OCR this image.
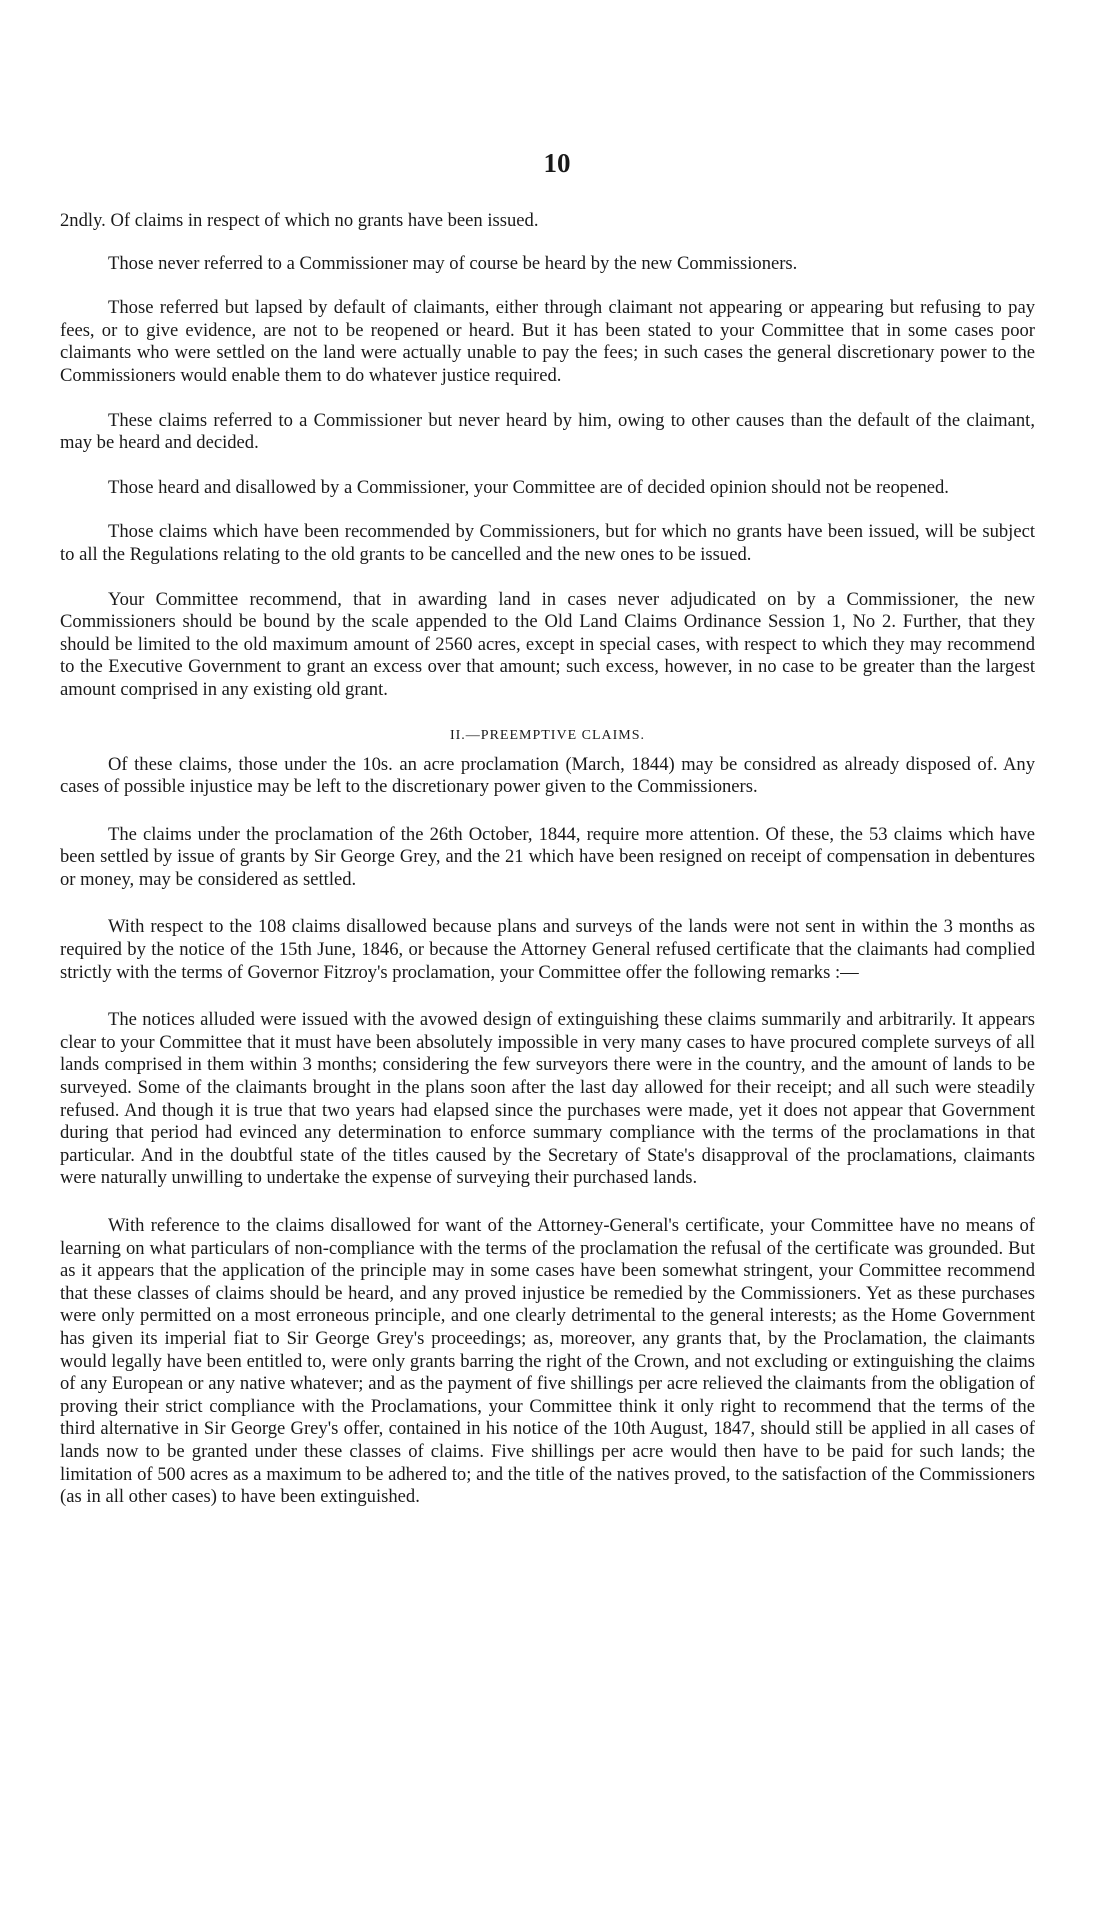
10

2ndly. Of claims in respect of which no grants have been issued.

Those never referred to a Commissioner may of course be heard by the new Commissioners.

Those referred but lapsed by default of claimants, either through claimant not appearing or appearing but refusing to pay fees, or to give evidence, are not to be reopened or heard. But it has been stated to your Committee that in some cases poor claimants who were settled on the land were actually unable to pay the fees; in such cases the general discretionary power to the Commissioners would enable them to do whatever justice required.

These claims referred to a Commissioner but never heard by him, owing to other causes than the default of the claimant, may be heard and decided.

Those heard and disallowed by a Commissioner, your Committee are of decided opinion should not be reopened.

Those claims which have been recommended by Commissioners, but for which no grants have been issued, will be subject to all the Regulations relating to the old grants to be cancelled and the new ones to be issued.

Your Committee recommend, that in awarding land in cases never adjudicated on by a Commissioner, the new Commissioners should be bound by the scale appended to the Old Land Claims Ordinance Session 1, No 2. Further, that they should be limited to the old maximum amount of 2560 acres, except in special cases, with respect to which they may recommend to the Executive Government to grant an excess over that amount; such excess, however, in no case to be greater than the largest amount comprised in any existing old grant.

II.—PREEMPTIVE CLAIMS.

Of these claims, those under the 10s. an acre proclamation (March, 1844) may be considred as already disposed of. Any cases of possible injustice may be left to the discretionary power given to the Commissioners.

The claims under the proclamation of the 26th October, 1844, require more attention. Of these, the 53 claims which have been settled by issue of grants by Sir George Grey, and the 21 which have been resigned on receipt of compensation in debentures or money, may be considered as settled.

With respect to the 108 claims disallowed because plans and surveys of the lands were not sent in within the 3 months as required by the notice of the 15th June, 1846, or because the Attorney General refused certificate that the claimants had complied strictly with the terms of Governor Fitzroy's proclamation, your Committee offer the following remarks :—

The notices alluded were issued with the avowed design of extinguishing these claims summarily and arbitrarily. It appears clear to your Committee that it must have been absolutely impossible in very many cases to have procured complete surveys of all lands comprised in them within 3 months; considering the few surveyors there were in the country, and the amount of lands to be surveyed. Some of the claimants brought in the plans soon after the last day allowed for their receipt; and all such were steadily refused. And though it is true that two years had elapsed since the purchases were made, yet it does not appear that Government during that period had evinced any determination to enforce summary compliance with the terms of the proclamations in that particular. And in the doubtful state of the titles caused by the Secretary of State's disapproval of the proclamations, claimants were naturally unwilling to undertake the expense of surveying their purchased lands.

With reference to the claims disallowed for want of the Attorney-General's certificate, your Committee have no means of learning on what particulars of non-compliance with the terms of the proclamation the refusal of the certificate was grounded. But as it appears that the application of the principle may in some cases have been somewhat stringent, your Committee recommend that these classes of claims should be heard, and any proved injustice be remedied by the Commissioners. Yet as these purchases were only permitted on a most erroneous principle, and one clearly detrimental to the general interests; as the Home Government has given its imperial fiat to Sir George Grey's proceedings; as, moreover, any grants that, by the Proclamation, the claimants would legally have been entitled to, were only grants barring the right of the Crown, and not excluding or extinguishing the claims of any European or any native whatever; and as the payment of five shillings per acre relieved the claimants from the obligation of proving their strict compliance with the Proclamations, your Committee think it only right to recommend that the terms of the third alternative in Sir George Grey's offer, contained in his notice of the 10th August, 1847, should still be applied in all cases of lands now to be granted under these classes of claims. Five shillings per acre would then have to be paid for such lands; the limitation of 500 acres as a maximum to be adhered to; and the title of the natives proved, to the satisfaction of the Commissioners (as in all other cases) to have been extinguished.
